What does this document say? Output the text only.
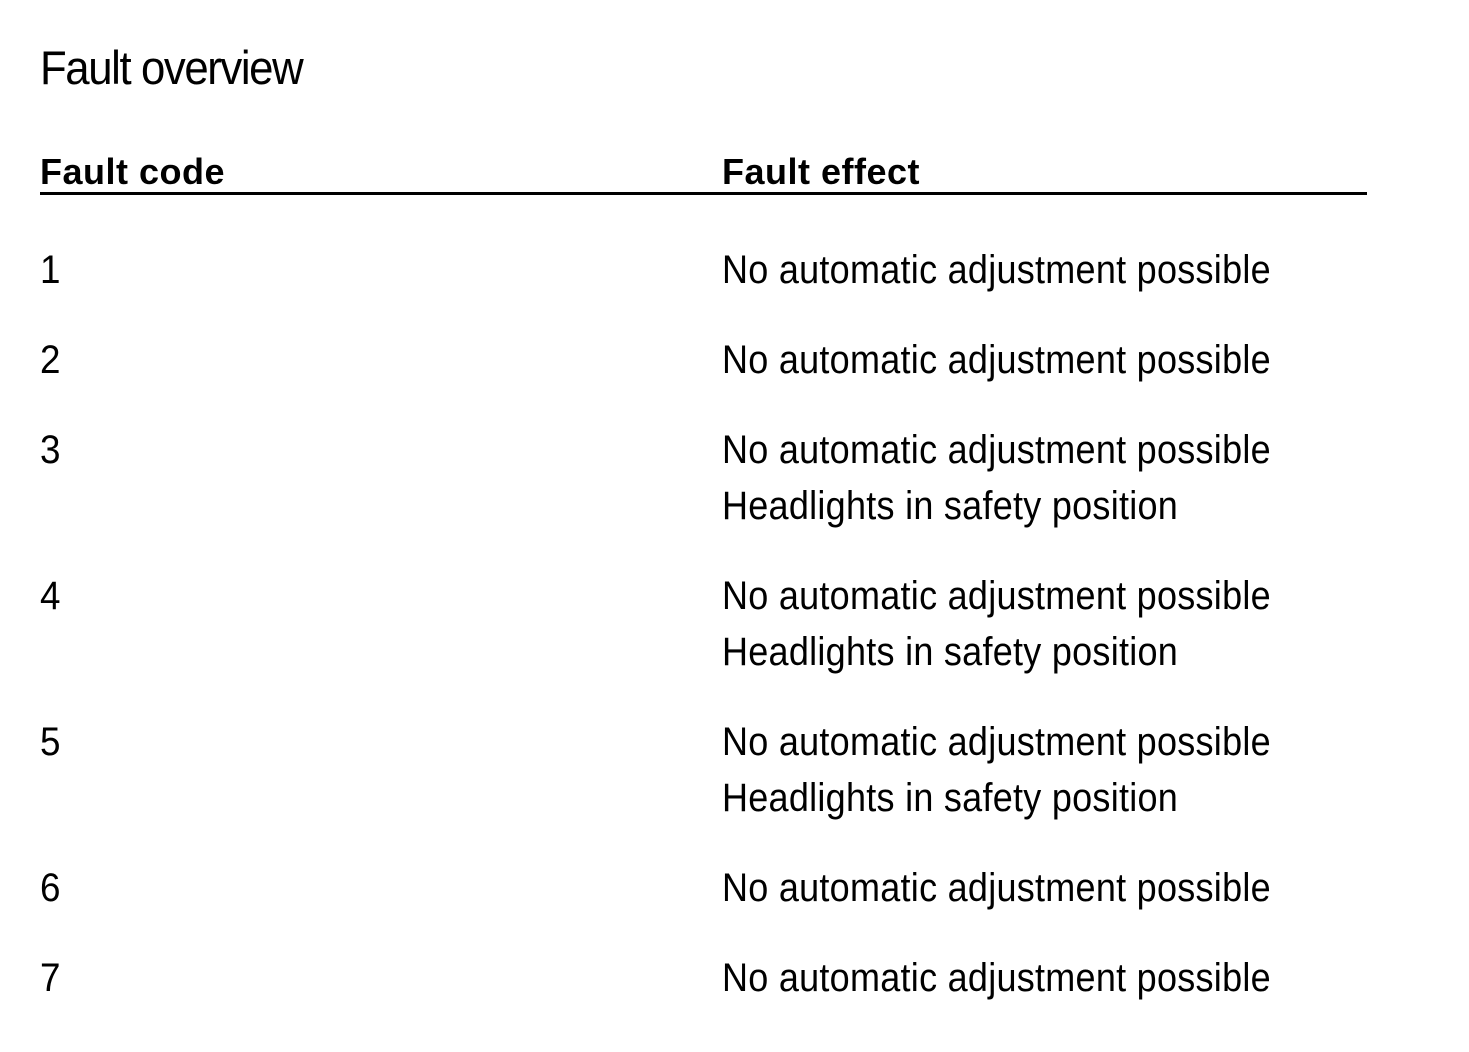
Fault overview
Fault code	Fault effect
1	No automatic adjustment possible
2	No automatic adjustment possible
3	No automatic adjustment possible
Headlights in safety position
4	No automatic adjustment possible
Headlights in safety position
5	No automatic adjustment possible
Headlights in safety position
6	No automatic adjustment possible
7	No automatic adjustment possible
